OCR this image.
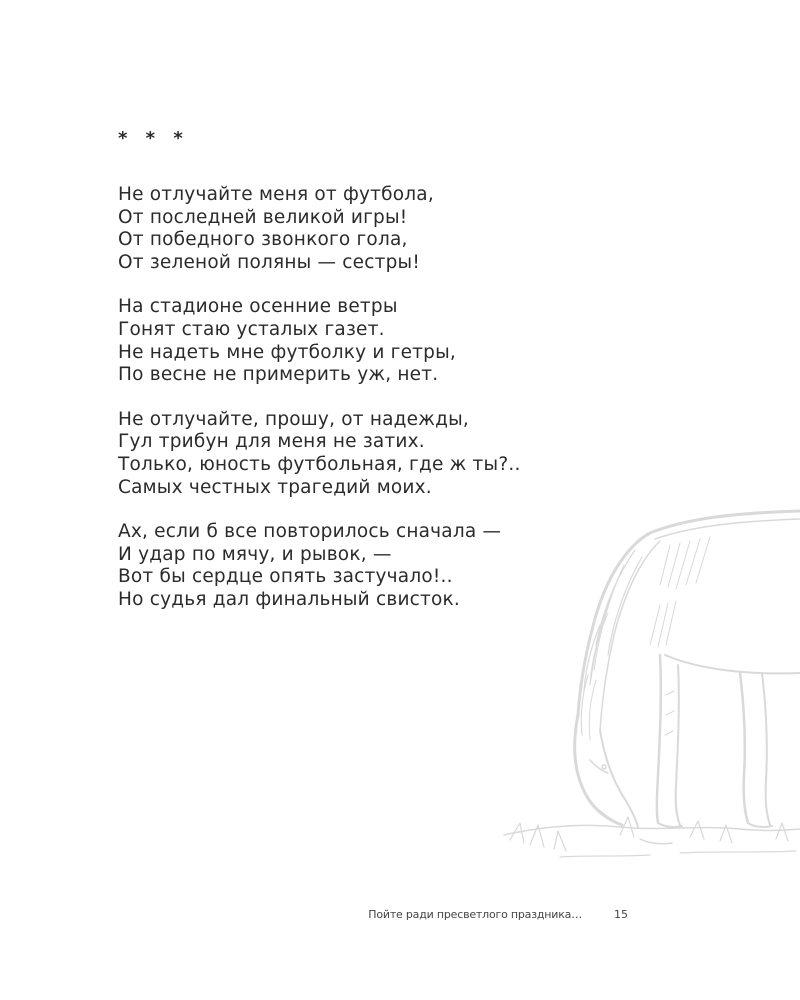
* * *
Не отлучайте меня от футбола,
От последней великой игры!
От победного звонкого гола,
От зеленой поляны — сестры!
На стадионе осенние ветры
Гонят стаю усталых газет.
Не надеть мне футболку и гетры,
По весне не примерить уж, нет.
Не отлучайте, прошу, от надежды,
Гул трибун для меня не затих.
Только, юность футбольная, где ж ты?..
Самых честных трагедий моих.
Ах, если б все повторилось сначала —
И удар по мячу, и рывок, —
Вот бы сердце опять застучало!..
Но судья дал финальный свисток.
Пойте ради пресветлого праздника…	15
